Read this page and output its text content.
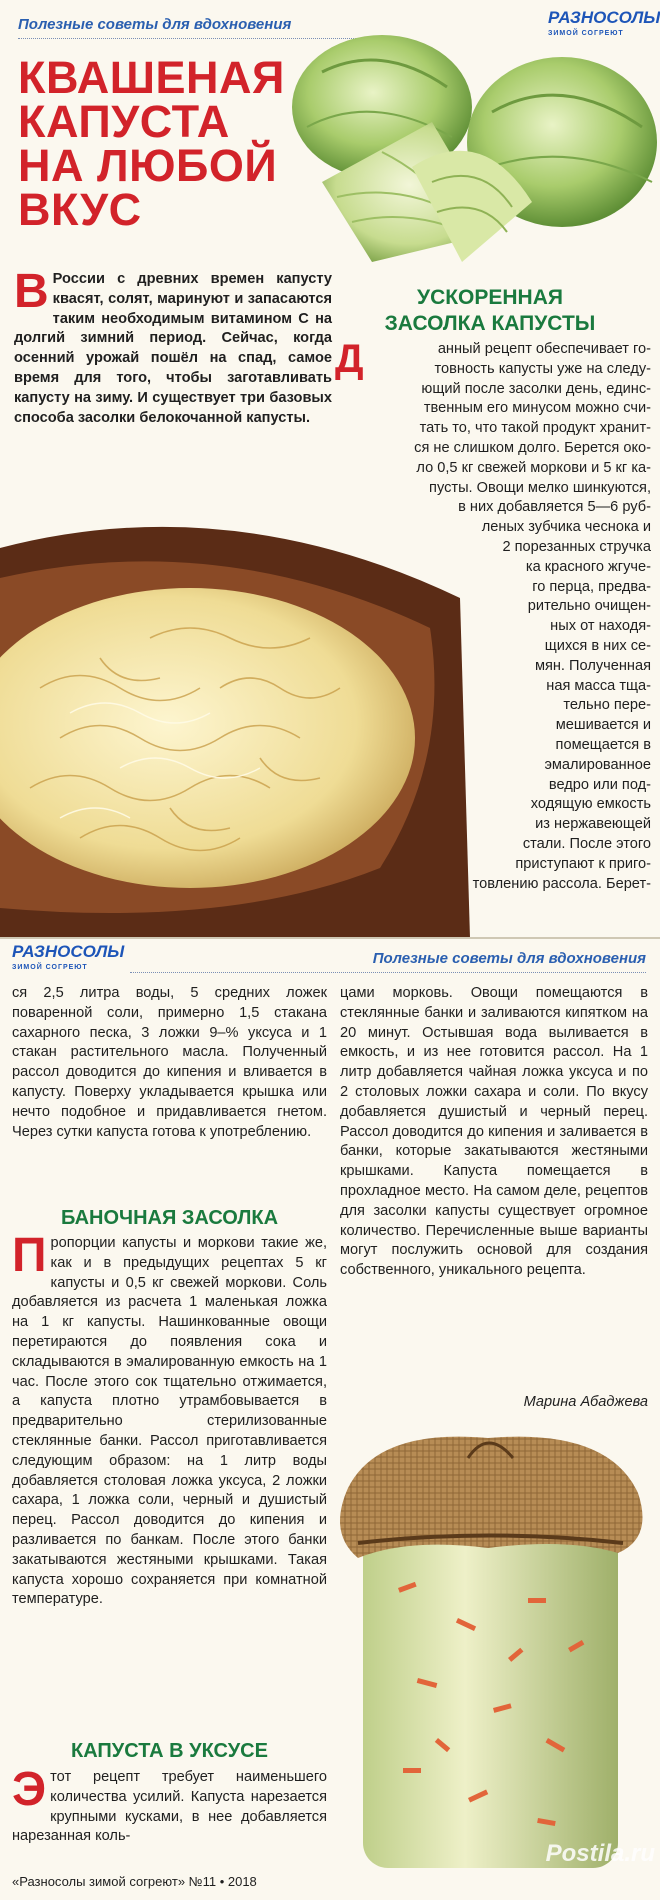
Полезные советы для вдохновения	РАЗНОСОЛЫ
ЗИМОЙ СОГРЕЮТ
КВАШЕНАЯ
КАПУСТА
НА ЛЮБОЙ
ВКУС
В России с древних времен капусту квасят, солят, маринуют и запасаются таким необходимым витамином С на долгий зимний период. Сейчас, когда осенний урожай пошёл на спад, самое время для того, чтобы заготавливать капусту на зиму. И существует три базовых способа засолки белокочанной капусты.
УСКОРЕННАЯ
ЗАСОЛКА КАПУСТЫ
Д	анный рецепт обеспечивает го-
товность капусты уже на следу-
ющий после засолки день, единс-
твенным его минусом можно счи-
тать то, что такой продукт хранит-
ся не слишком долго. Берется око-
ло 0,5 кг свежей моркови и 5 кг ка-
пусты. Овощи мелко шинкуются,
в них добавляется 5—6 руб-
леных зубчика чеснока и
2 порезанных стручка
ка красного жгуче-
го перца, предва-
рительно очищен-
ных от находя-
щихся в них се-
мян. Полученная
ная масса тща-
тельно пере-
мешивается и
помещается в
эмалированное
ведро или под-
ходящую емкость
из нержавеющей
стали. После этого
приступают к приго-
товлению рассола. Берет-
РАЗНОСОЛЫ
ЗИМОЙ СОГРЕЮТ
Полезные советы для вдохновения
ся 2,5 литра воды, 5 средних ложек поваренной соли, примерно 1,5 стакана сахарного песка, 3 ложки 9–% уксуса и 1 стакан растительного масла. Полученный рассол доводится до кипения и вливается в капусту. Поверху укладывается крышка или нечто подобное и придавливается гнетом. Через сутки капуста готова к употреблению.
БАНОЧНАЯ ЗАСОЛКА
Пропорции капусты и моркови такие же, как и в предыдущих рецептах 5 кг капусты и 0,5 кг свежей моркови. Соль добавляется из расчета 1 маленькая ложка на 1 кг капусты. Нашинкованные овощи перетираются до появления сока и складываются в эмалированную емкость на 1 час. После этого сок тщательно отжимается, а капуста плотно утрамбовывается в предварительно стерилизованные стеклянные банки. Рассол приготавливается следующим образом: на 1 литр воды добавляется столовая ложка уксуса, 2 ложки сахара, 1 ложка соли, черный и душистый перец. Рассол доводится до кипения и разливается по банкам. После этого банки закатываются жестяными крышками. Такая капуста хорошо сохраняется при комнатной температуре.
КАПУСТА В УКСУСЕ
Этот рецепт требует наименьшего количества усилий. Капуста нарезается крупными кусками, в нее добавляется нарезанная коль-
цами морковь. Овощи помещаются в стеклянные банки и заливаются кипятком на 20 минут. Остывшая вода выливается в емкость, и из нее готовится рассол. На 1 литр добавляется чайная ложка уксуса и по 2 столовых ложки сахара и соли. По вкусу добавляется душистый и черный перец. Рассол доводится до кипения и заливается в банки, которые закатываются жестяными крышками. Капуста помещается в прохладное место. На самом деле, рецептов для засолки капусты существует огромное количество. Перечисленные выше варианты могут послужить основой для создания собственного, уникального рецепта.
Марина Абаджева
Postila.ru
«Разносолы зимой согреют» №11 • 2018
